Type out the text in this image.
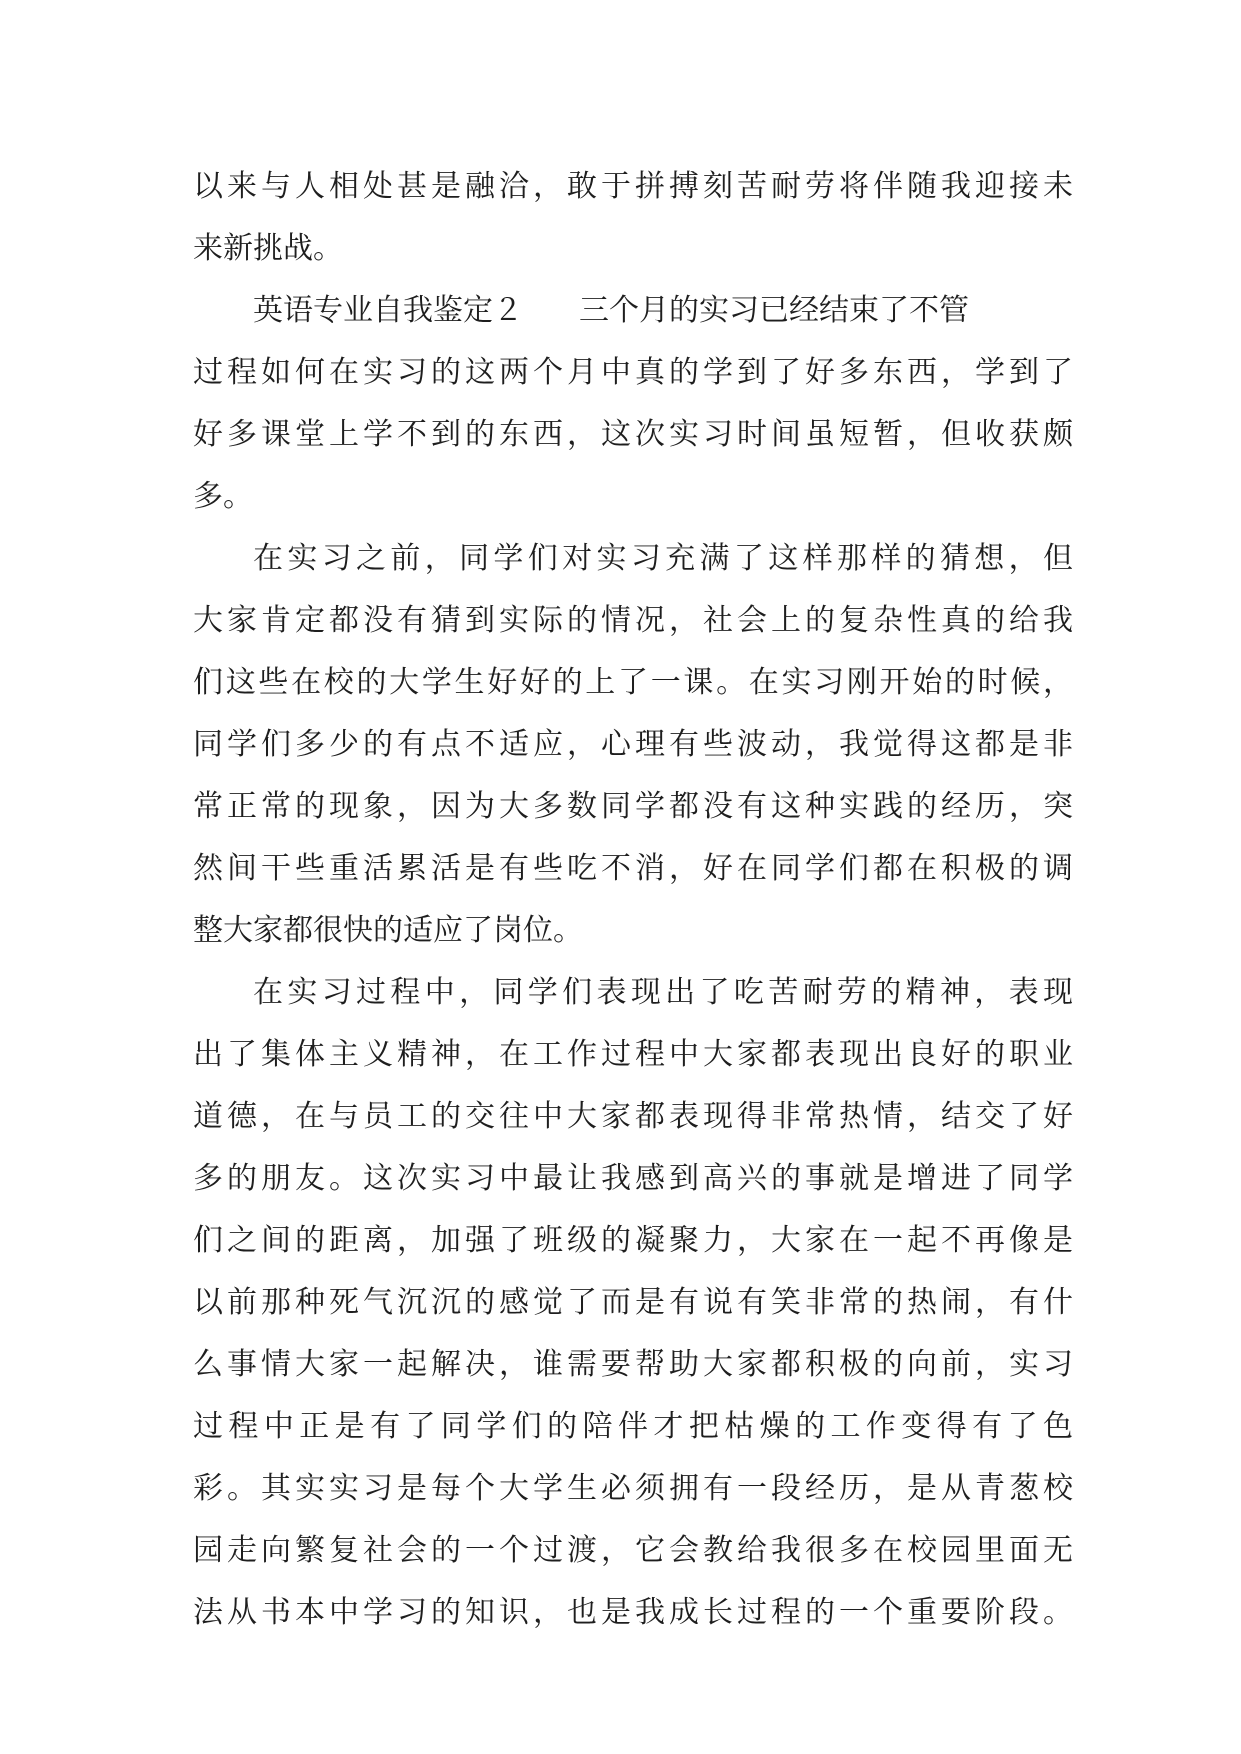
以来与人相处甚是融洽，敢于拼搏刻苦耐劳将伴随我迎接未
来新挑战。
英语专业自我鉴定２ 三个月的实习已经结束了不管
过程如何在实习的这两个月中真的学到了好多东西，学到了
好多课堂上学不到的东西，这次实习时间虽短暂，但收获颇
多。
在实习之前，同学们对实习充满了这样那样的猜想，但
大家肯定都没有猜到实际的情况，社会上的复杂性真的给我
们这些在校的大学生好好的上了一课。在实习刚开始的时候，
同学们多少的有点不适应，心理有些波动，我觉得这都是非
常正常的现象，因为大多数同学都没有这种实践的经历，突
然间干些重活累活是有些吃不消，好在同学们都在积极的调
整大家都很快的适应了岗位。
在实习过程中，同学们表现出了吃苦耐劳的精神，表现
出了集体主义精神，在工作过程中大家都表现出良好的职业
道德，在与员工的交往中大家都表现得非常热情，结交了好
多的朋友。这次实习中最让我感到高兴的事就是增进了同学
们之间的距离，加强了班级的凝聚力，大家在一起不再像是
以前那种死气沉沉的感觉了而是有说有笑非常的热闹，有什
么事情大家一起解决，谁需要帮助大家都积极的向前，实习
过程中正是有了同学们的陪伴才把枯燥的工作变得有了色
彩。其实实习是每个大学生必须拥有一段经历，是从青葱校
园走向繁复社会的一个过渡，它会教给我很多在校园里面无
法从书本中学习的知识，也是我成长过程的一个重要阶段。
